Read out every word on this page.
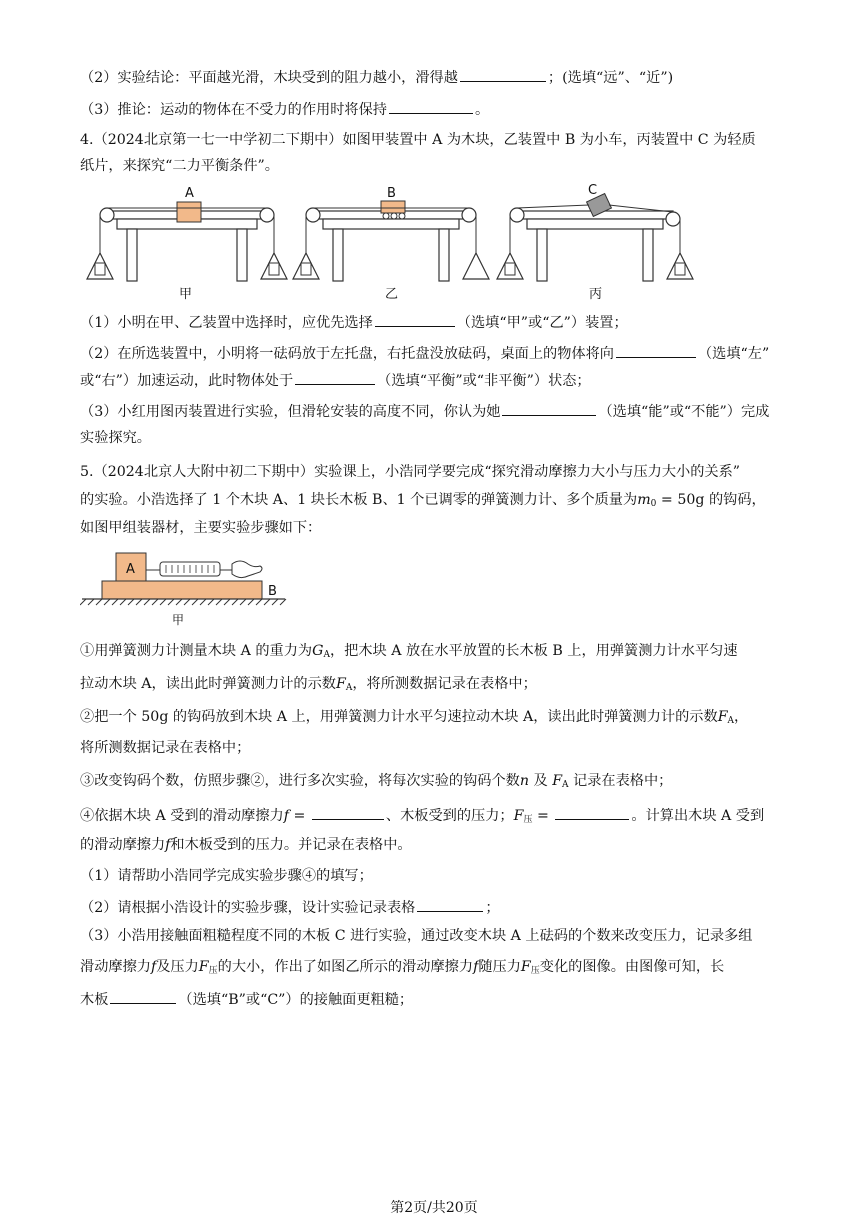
（2）实验结论：平面越光滑，木块受到的阻力越小，滑得越	；(选填“远”、“近”)
（3）推论：运动的物体在不受力的作用时将保持	。
4.（2024北京第一七一中学初二下期中）如图甲装置中 A 为木块，乙装置中 B 为小车，丙装置中 C 为轻质
纸片，来探究“二力平衡条件”。
A	B	C
甲	乙	丙
（1）小明在甲、乙装置中选择时，应优先选择	（选填“甲”或“乙”）装置；
（2）在所选装置中，小明将一砝码放于左托盘，右托盘没放砝码，桌面上的物体将向	（选填“左”
或“右”）加速运动，此时物体处于	（选填“平衡”或“非平衡”）状态；
（3）小红用图丙装置进行实验，但滑轮安装的高度不同，你认为她	（选填“能”或“不能”）完成
实验探究。
5.（2024北京人大附中初二下期中）实验课上，小浩同学要完成“探究滑动摩擦力大小与压力大小的关系”
的实验。小浩选择了 1 个木块 A、1 块长木板 B、1 个已调零的弹簧测力计、多个质量为$m_0 = 50g$ 的钩码，
如图甲组装器材，主要实验步骤如下：
A
B
甲
①用弹簧测力计测量木块 A 的重力为$G_A$，把木块 A 放在水平放置的长木板 B 上，用弹簧测力计水平匀速
拉动木块 A，读出此时弹簧测力计的示数$F_A$，将所测数据记录在表格中；
②把一个 50g 的钩码放到木块 A 上，用弹簧测力计水平匀速拉动木块 A，读出此时弹簧测力计的示数$F_A$，
将所测数据记录在表格中；
③改变钩码个数，仿照步骤②，进行多次实验，将每次实验的钩码个数n 及 $F_A$ 记录在表格中；
④依据木块 A 受到的滑动摩擦力f =	、木板受到的压力；$F_压$ =	。计算出木块 A 受到
的滑动摩擦力f和木板受到的压力。并记录在表格中。
（1）请帮助小浩同学完成实验步骤④的填写；
（2）请根据小浩设计的实验步骤，设计实验记录表格	；
（3）小浩用接触面粗糙程度不同的木板 C 进行实验，通过改变木块 A 上砝码的个数来改变压力，记录多组
滑动摩擦力f及压力$F_压$的大小，作出了如图乙所示的滑动摩擦力f随压力$F_压$变化的图像。由图像可知，长
木板	（选填“B”或“C”）的接触面更粗糙；
第2页/共20页
